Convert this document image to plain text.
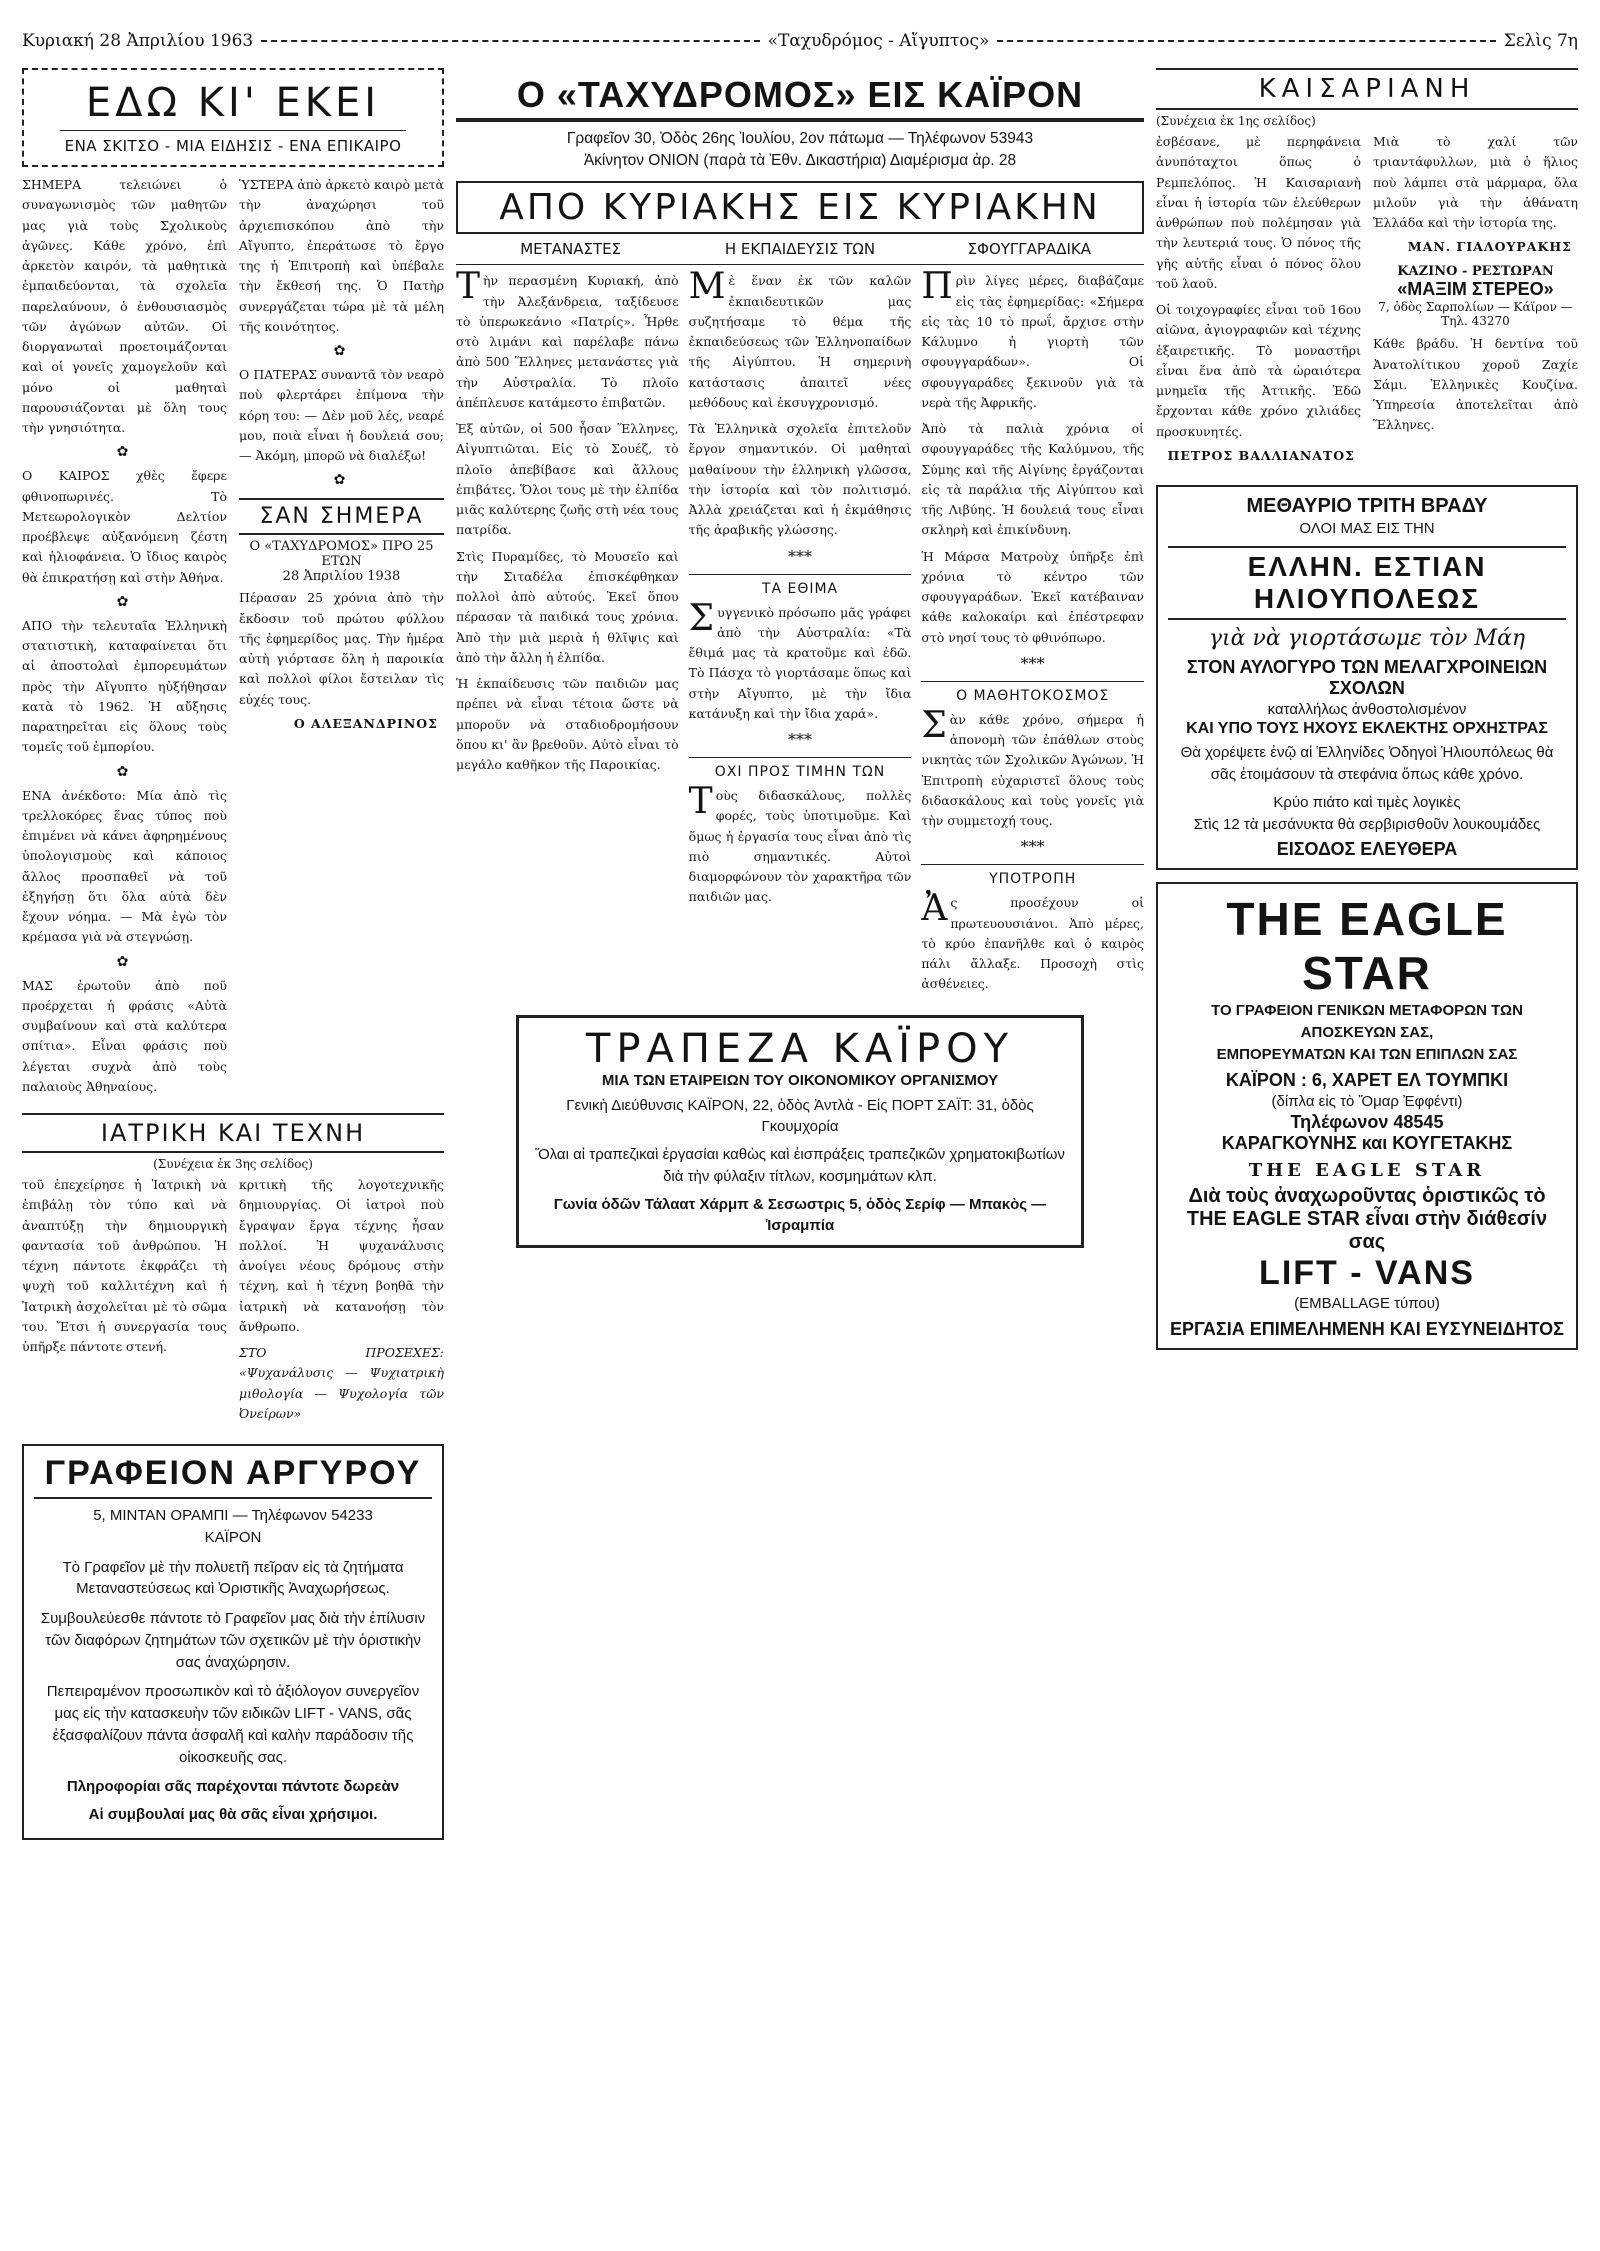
Κυριακή 28 Ἀπριλίου 1963	«Ταχυδρόμος - Αἴγυπτος»	Σελὶς 7η
ΕΔΩ ΚΙ' ΕΚΕΙ
ΕΝΑ ΣΚΙΤΣΟ - ΜΙΑ ΕΙΔΗΣΙΣ - ΕΝΑ ΕΠΙΚΑΙΡΟ

ΣΗΜΕΡΑ τελειώνει ὁ συναγωνισμὸς τῶν μαθητῶν μας γιὰ τοὺς Σχολικοὺς ἀγῶνες. Κάθε χρόνο, ἐπὶ ἀρκετὸν καιρόν, τὰ μαθητικὰ ἐμπαιδεύονται, τὰ σχολεῖα παρελαύνουν, ὁ ἐνθουσιασμὸς τῶν ἀγώνων αὐτῶν. Οἱ διοργανωταὶ προετοιμάζονται καὶ οἱ γονεῖς χαμογελοῦν καὶ μόνο οἱ μαθηταὶ παρουσιάζονται μὲ ὅλη τους τὴν γνησιότητα.

✿

Ο ΚΑΙΡΟΣ χθὲς ἔφερε φθινοπωρινές. Τὸ Μετεωρολογικὸν Δελτίον προέβλεψε αὐξανόμενη ζέστη καὶ ἡλιοφάνεια. Ὁ ἴδιος καιρὸς θὰ ἐπικρατήσῃ καὶ στὴν Ἀθήνα.

✿

ΑΠΟ τὴν τελευταῖα Ἑλληνικὴ στατιστικὴ, καταφαίνεται ὅτι αἱ ἀποστολαὶ ἐμπορευμάτων πρὸς τὴν Αἴγυπτο ηὐξήθησαν κατὰ τὸ 1962. Ἡ αὔξησις παρατηρεῖται εἰς ὅλους τοὺς τομεῖς τοῦ ἐμπορίου.

✿

ΕΝΑ ἀνέκδοτο: Μία ἀπὸ τὶς τρελλοκόρες ἕνας τύπος ποὺ ἐπιμένει νὰ κάνει ἀφηρημένους ὑπολογισμοὺς καὶ κάποιος ἄλλος προσπαθεῖ νὰ τοῦ ἐξηγήσῃ ὅτι ὅλα αὐτὰ δὲν ἔχουν νόημα. — Μὰ ἐγὼ τὸν κρέμασα γιὰ νὰ στεγνώσῃ.

✿

ΜΑΣ ἐρωτοῦν ἀπὸ ποῦ προέρχεται ἡ φράσις «Αὐτὰ συμβαίνουν καὶ στὰ καλύτερα σπίτια». Εἶναι φράσις ποὺ λέγεται συχνὰ ἀπὸ τοὺς παλαιοὺς Ἀθηναίους.

ὙΣΤΕΡΑ ἀπὸ ἀρκετὸ καιρὸ μετὰ τὴν ἀναχώρησι τοῦ ἀρχιεπισκόπου ἀπὸ τὴν Αἴγυπτο, ἐπεράτωσε τὸ ἔργο της ἡ Ἐπιτροπὴ καὶ ὑπέβαλε τὴν ἔκθεσή της. Ὁ Πατὴρ συνεργάζεται τώρα μὲ τὰ μέλη τῆς κοινότητος.

✿

Ο ΠΑΤΕΡΑΣ συναντᾶ τὸν νεαρὸ ποὺ φλερτάρει ἐπίμονα τὴν κόρη του: — Δὲν μοῦ λές, νεαρέ μου, ποιὰ εἶναι ἡ δουλειά σου; — Ἀκόμη, μπορῶ νὰ διαλέξω!

✿
ΣΑΝ ΣΗΜΕΡΑ
Ο «ΤΑΧΥΔΡΟΜΟΣ» ΠΡΟ 25 ΕΤΩΝ
28 Ἀπριλίου 1938

Πέρασαν 25 χρόνια ἀπὸ τὴν ἔκδοσιν τοῦ πρώτου φύλλου τῆς ἐφημερίδος μας. Τὴν ἡμέρα αὐτὴ γιόρτασε ὅλη ἡ παροικία καὶ πολλοὶ φίλοι ἔστειλαν τὶς εὐχές τους.

Ο ΑΛΕΞΑΝΔΡΙΝΟΣ
ΙΑΤΡΙΚΗ ΚΑΙ ΤΕΧΝΗ
(Συνέχεια ἐκ 3ης σελίδος)

τοῦ ἐπεχείρησε ἡ Ἰατρικὴ νὰ ἐπιβάλῃ τὸν τύπο καὶ νὰ ἀναπτύξῃ τὴν δημιουργικὴ φαντασία τοῦ ἀνθρώπου. Ἡ τέχνη πάντοτε ἐκφράζει τὴ ψυχὴ τοῦ καλλιτέχνη καὶ ἡ Ἰατρικὴ ἀσχολεῖται μὲ τὸ σῶμα του. Ἔτσι ἡ συνεργασία τους ὑπῆρξε πάντοτε στενή.

κριτικὴ τῆς λογοτεχνικῆς δημιουργίας. Οἱ ἰατροὶ ποὺ ἔγραψαν ἔργα τέχνης ἦσαν πολλοί. Ἡ ψυχανάλυσις ἀνοίγει νέους δρόμους στὴν τέχνη, καὶ ἡ τέχνη βοηθᾶ τὴν ἰατρικὴ νὰ κατανοήσῃ τὸν ἄνθρωπο.

ΣΤΟ ΠΡΟΣΕΧΕΣ: «Ψυχανάλυσις — Ψυχιατρικὴ μιθολογία — Ψυχολογία τῶν Ὀνείρων»

ΓΡΑΦΕΙΟΝ ΑΡΓΥΡΟΥ
5, ΜΙΝΤΑΝ ΟΡΑΜΠΙ — Τηλέφωνον 54233
ΚΑΪΡΟΝ

Τὸ Γραφεῖον μὲ τὴν πολυετῆ πεῖραν εἰς τὰ ζητήματα Μεταναστεύσεως καὶ Ὁριστικῆς Ἀναχωρήσεως.

Συμβουλεύεσθε πάντοτε τὸ Γραφεῖον μας διὰ τὴν ἐπίλυσιν τῶν διαφόρων ζητημάτων τῶν σχετικῶν μὲ τὴν ὁριστικὴν σας ἀναχώρησιν.

Πεπειραμένον προσωπικὸν καὶ τὸ ἀξιόλογον συνεργεῖον μας εἰς τὴν κατασκευὴν τῶν ειδικῶν LIFT - VANS, σᾶς ἐξασφαλίζουν πάντα ἀσφαλῆ καὶ καλὴν παράδοσιν τῆς οἰκοσκευῆς σας.

Πληροφορίαι σᾶς παρέχονται πάντοτε δωρεὰν

Αἱ συμβουλαί μας θὰ σᾶς εἶναι χρήσιμοι.

Ο «ΤΑΧΥΔΡΟΜΟΣ» ΕΙΣ ΚΑΪΡΟΝ
Γραφεῖον 30, Ὁδὸς 26ης Ἰουλίου, 2ον πάτωμα — Τηλέφωνον 53943
Ἀκίνητον ΟΝΙΟΝ (παρὰ τὰ Ἐθν. Δικαστήρια) Διαμέρισμα ἀρ. 28
ΑΠΟ ΚΥΡΙΑΚΗΣ ΕΙΣ ΚΥΡΙΑΚΗΝ
ΜΕΤΑΝΑΣΤΕΣ	Η ΕΚΠΑΙΔΕΥΣΙΣ ΤΩΝ	ΣΦΟΥΓΓΑΡΑΔΙΚΑ

Τὴν περασμένη Κυριακή, ἀπὸ τὴν Ἀλεξάνδρεια, ταξίδευσε τὸ ὑπερωκεάνιο «Πατρίς». Ἦρθε στὸ λιμάνι καὶ παρέλαβε πάνω ἀπὸ 500 Ἕλληνες μετανάστες γιὰ τὴν Αὐστραλία. Τὸ πλοῖο ἀπέπλευσε κατάμεστο ἐπιβατῶν.

Ἐξ αὐτῶν, οἱ 500 ἦσαν Ἕλληνες, Αἰγυπτιῶται. Εἰς τὸ Σουέζ, τὸ πλοῖο ἀπεβίβασε καὶ ἄλλους ἐπιβάτες. Ὅλοι τους μὲ τὴν ἐλπίδα μιᾶς καλύτερης ζωῆς στὴ νέα τους πατρίδα.

Στὶς Πυραμίδες, τὸ Μουσεῖο καὶ τὴν Σιταδέλα ἐπισκέφθηκαν πολλοὶ ἀπὸ αὐτούς. Ἐκεῖ ὅπου πέρασαν τὰ παιδικά τους χρόνια. Ἀπὸ τὴν μιὰ μεριὰ ἡ θλῖψις καὶ ἀπὸ τὴν ἄλλη ἡ ἐλπίδα.

Ἡ ἐκπαίδευσις τῶν παιδιῶν μας πρέπει νὰ εἶναι τέτοια ὥστε νὰ μποροῦν νὰ σταδιοδρομήσουν ὅπου κι' ἂν βρεθοῦν. Αὐτὸ εἶναι τὸ μεγάλο καθῆκον τῆς Παροικίας.

Μὲ ἕναν ἐκ τῶν καλῶν ἐκπαιδευτικῶν μας συζητήσαμε τὸ θέμα τῆς ἐκπαιδεύσεως τῶν Ἑλληνοπαίδων τῆς Αἰγύπτου. Ἡ σημερινὴ κατάστασις ἀπαιτεῖ νέες μεθόδους καὶ ἐκσυγχρονισμό.

Τὰ Ἑλληνικὰ σχολεῖα ἐπιτελοῦν ἔργον σημαντικόν. Οἱ μαθηταὶ μαθαίνουν τὴν ἑλληνικὴ γλῶσσα, τὴν ἱστορία καὶ τὸν πολιτισμό. Ἀλλὰ χρειάζεται καὶ ἡ ἐκμάθησις τῆς ἀραβικῆς γλώσσης.

***
ΤΑ ΕΘΙΜΑ

Συγγενικὸ πρόσωπο μᾶς γράφει ἀπὸ τὴν Αὐστραλία: «Τὰ ἔθιμά μας τὰ κρατοῦμε καὶ ἐδῶ. Τὸ Πάσχα τὸ γιορτάσαμε ὅπως καὶ στὴν Αἴγυπτο, μὲ τὴν ἴδια κατάνυξη καὶ τὴν ἴδια χαρά».

***
ΟΧΙ ΠΡΟΣ ΤΙΜΗΝ ΤΩΝ

Τοὺς διδασκάλους, πολλὲς φορές, τοὺς ὑποτιμοῦμε. Καὶ ὅμως ἡ ἐργασία τους εἶναι ἀπὸ τὶς πιὸ σημαντικές. Αὐτοὶ διαμορφώνουν τὸν χαρακτῆρα τῶν παιδιῶν μας.

Πρὶν λίγες μέρες, διαβάζαμε εἰς τὰς ἐφημερίδας: «Σήμερα εἰς τὰς 10 τὸ πρωΐ, ἄρχισε στὴν Κάλυμνο ἡ γιορτὴ τῶν σφουγγαράδων». Οἱ σφουγγαράδες ξεκινοῦν γιὰ τὰ νερὰ τῆς Ἀφρικῆς.

Ἀπὸ τὰ παλιὰ χρόνια οἱ σφουγγαράδες τῆς Καλύμνου, τῆς Σύμης καὶ τῆς Αἰγίνης ἐργάζονται εἰς τὰ παράλια τῆς Αἰγύπτου καὶ τῆς Λιβύης. Ἡ δουλειά τους εἶναι σκληρὴ καὶ ἐπικίνδυνη.

Ἡ Μάρσα Ματροὺχ ὑπῆρξε ἐπὶ χρόνια τὸ κέντρο τῶν σφουγγαράδων. Ἐκεῖ κατέβαιναν κάθε καλοκαίρι καὶ ἐπέστρεφαν στὸ νησί τους τὸ φθινόπωρο.

***
Ο ΜΑΘΗΤΟΚΟΣΜΟΣ

Σὰν κάθε χρόνο, σήμερα ἡ ἀπονομὴ τῶν ἐπάθλων στοὺς νικητὰς τῶν Σχολικῶν Ἀγώνων. Ἡ Ἐπιτροπὴ εὐχαριστεῖ ὅλους τοὺς διδασκάλους καὶ τοὺς γονεῖς γιὰ τὴν συμμετοχή τους.

***
ΥΠΟΤΡΟΠΗ

Ἀς προσέχουν οἱ πρωτευουσιάνοι. Ἀπὸ μέρες, τὸ κρύο ἐπανῆλθε καὶ ὁ καιρὸς πάλι ἄλλαξε. Προσοχὴ στὶς ἀσθένειες.

ΤΡΑΠΕΖΑ ΚΑΪΡΟΥ
ΜΙΑ ΤΩΝ ΕΤΑΙΡΕΙΩΝ ΤΟΥ ΟΙΚΟΝΟΜΙΚΟΥ ΟΡΓΑΝΙΣΜΟΥ
Γενικὴ Διεύθυνσις ΚΑΪΡΟΝ, 22, ὁδὸς Ἀντλὰ - Εἰς ΠΟΡΤ ΣΑΪΤ: 31, ὁδὸς Γκουμχορία
Ὅλαι αἱ τραπεζικαὶ ἐργασίαι καθὼς καὶ ἐισπράξεις τραπεζικῶν χρηματοκιβωτίων διὰ τὴν φύλαξιν τίτλων, κοσμημάτων κλπ.
Γωνία ὁδῶν Τάλαατ Χάρμπ & Σεσωστρις 5, ὁδὸς Σερίφ — Μπακὸς — Ἰσραμπία
ΚΑΙΣΑΡΙΑΝΗ
(Συνέχεια ἐκ 1ης σελίδος)

ἐσβέσανε, μὲ περηφάνεια ἀνυπόταχτοι ὅπως ὁ Ρεμπελόπος. Ἡ Καισαριανὴ εἶναι ἡ ἱστορία τῶν ἐλεύθερων ἀνθρώπων ποὺ πολέμησαν γιὰ τὴν λευτεριά τους. Ὁ πόνος τῆς γῆς αὐτῆς εἶναι ὁ πόνος ὅλου τοῦ λαοῦ.

Οἱ τοιχογραφίες εἶναι τοῦ 16ου αἰῶνα, ἀγιογραφιῶν καὶ τέχνης ἐξαιρετικῆς. Τὸ μοναστῆρι εἶναι ἕνα ἀπὸ τὰ ὡραιότερα μνημεῖα τῆς Ἀττικῆς. Ἐδῶ ἔρχονται κάθε χρόνο χιλιάδες προσκυνητές.

ΠΕΤΡΟΣ ΒΑΛΛΙΑΝΑΤΟΣ

Μιὰ τὸ χαλί τῶν τριαντάφυλλων, μιὰ ὁ ἥλιος ποὺ λάμπει στὰ μάρμαρα, ὅλα μιλοῦν γιὰ τὴν ἀθάνατη Ἑλλάδα καὶ τὴν ἱστορία της.

ΜΑΝ. ΓΙΑΛΟΥΡΑΚΗΣ
ΚΑΖΙΝΟ - ΡΕΣΤΩΡΑΝ
«ΜΑΞΙΜ ΣΤΕΡΕΟ»
7, ὁδὸς Σαρπολίων — Κάϊρον — Τηλ. 43270

Κάθε βράδυ. Ἡ δεντίνα τοῦ Ἀνατολίτικου χοροῦ Ζαχίε Σάμι. Ἑλληνικὲς Κουζίνα. Ὑπηρεσία ἀποτελεῖται ἀπὸ Ἕλληνες.

ΜΕΘΑΥΡΙΟ ΤΡΙΤΗ ΒΡΑΔΥ
ΟΛΟΙ ΜΑΣ ΕΙΣ ΤΗΝ
ΕΛΛΗΝ. ΕΣΤΙΑΝ ΗΛΙΟΥΠΟΛΕΩΣ
γιὰ νὰ γιορτάσωμε τὸν Μάη
ΣΤΟΝ ΑΥΛΟΓΥΡΟ ΤΩΝ ΜΕΛΑΓΧΡΟΙΝΕΙΩΝ ΣΧΟΛΩΝ
καταλλήλως ἀνθοστολισμένον
ΚΑΙ ΥΠΟ ΤΟΥΣ ΗΧΟΥΣ ΕΚΛΕΚΤΗΣ ΟΡΧΗΣΤΡΑΣ
Θὰ χορέψετε ἐνῷ αἱ Ἑλληνίδες Ὀδηγοὶ Ἡλιουπόλεως θὰ σᾶς ἐτοιμάσουν τὰ στεφάνια ὅπως κάθε χρόνο.
Κρύο πιάτο καὶ τιμὲς λογικὲς
Στὶς 12 τὰ μεσάνυκτα θὰ σερβιρισθοῦν λουκουμάδες
ΕΙΣΟΔΟΣ ΕΛΕΥΘΕΡΑ
THE EAGLE STAR
ΤΟ ΓΡΑΦΕΙΟΝ ΓΕΝΙΚΩΝ ΜΕΤΑΦΟΡΩΝ ΤΩΝ ΑΠΟΣΚΕΥΩΝ ΣΑΣ,
ΕΜΠΟΡΕΥΜΑΤΩΝ ΚΑΙ ΤΩΝ ΕΠΙΠΛΩΝ ΣΑΣ
ΚΑΪΡΟΝ : 6, ΧΑΡΕΤ ΕΛ ΤΟΥΜΠΚΙ
(δίπλα εἰς τὸ Ὄμαρ Ἐφφέντι)
Τηλέφωνον 48545
ΚΑΡΑΓΚΟΥΝΗΣ και ΚΟΥΓΕΤΑΚΗΣ
THE EAGLE STAR
Διὰ τοὺς ἀναχωροῦντας ὁριστικῶς τὸ THE EAGLE STAR εἶναι στὴν διάθεσίν σας
LIFT - VANS
(EMBALLAGE τύπου)
ΕΡΓΑΣΙΑ ΕΠΙΜΕΛΗΜΕΝΗ ΚΑΙ ΕΥΣΥΝΕΙΔΗΤΟΣ
